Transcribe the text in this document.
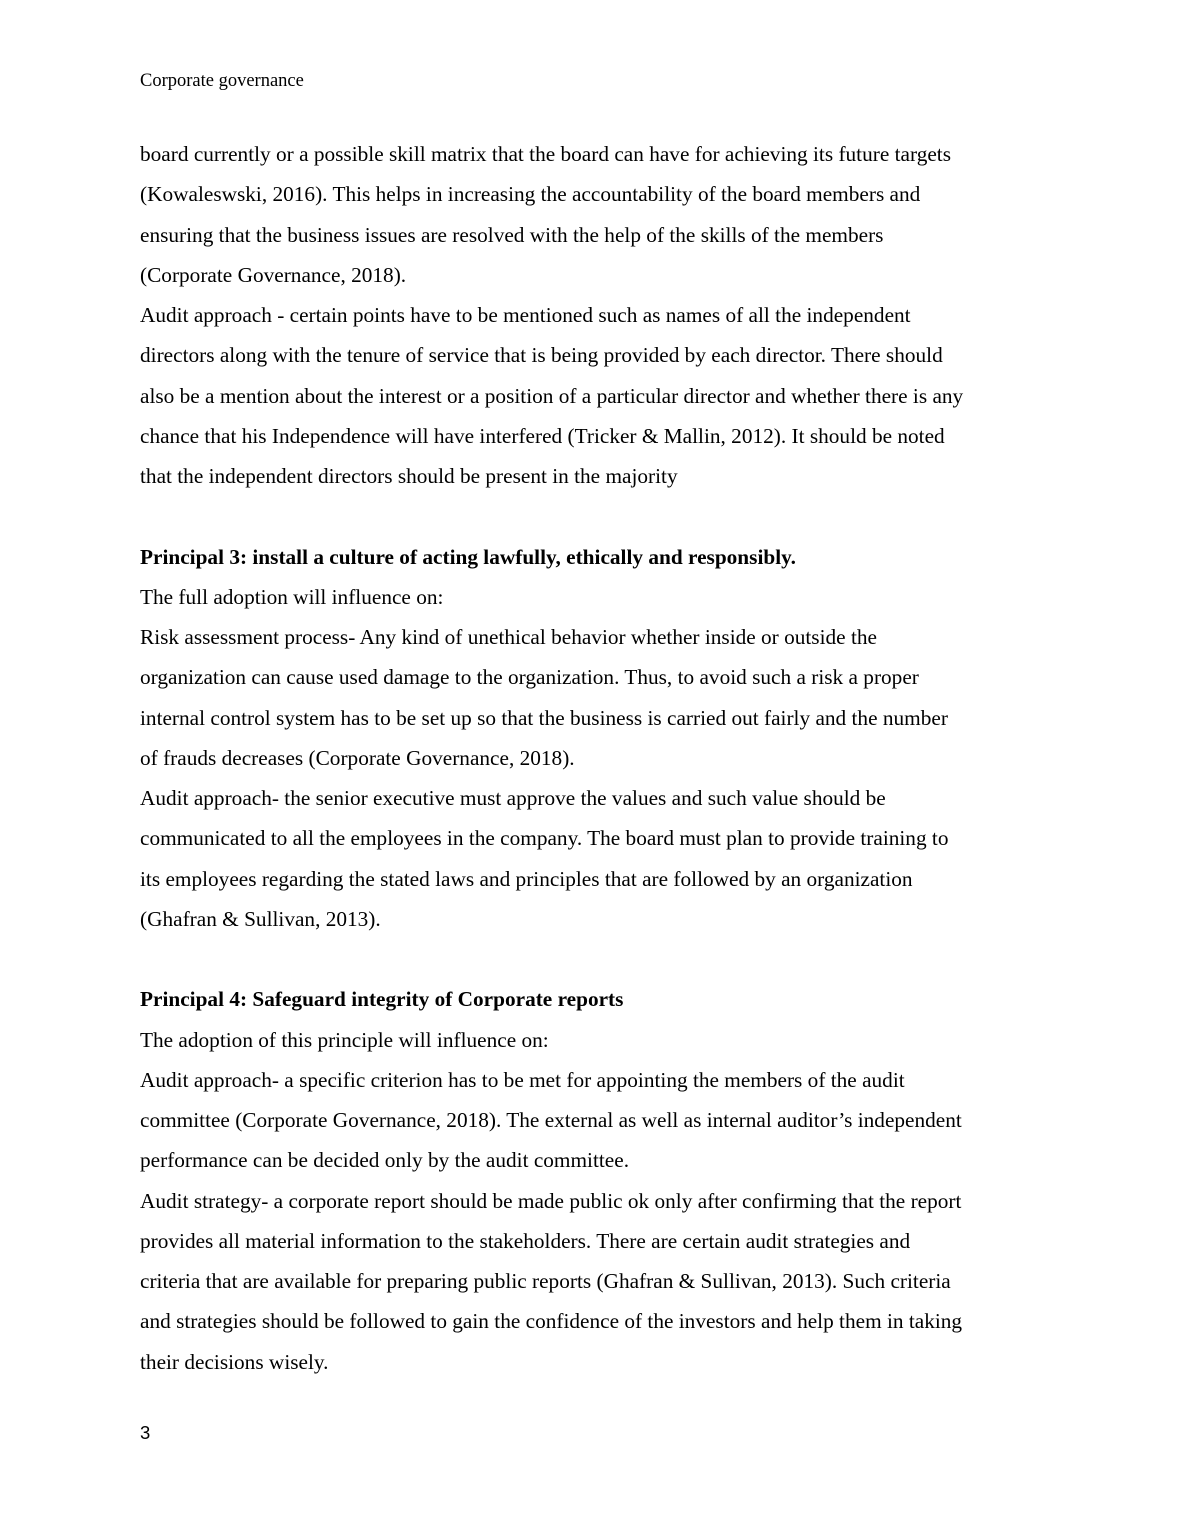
Corporate governance

board currently or a possible skill matrix that the board can have for achieving its future targets

(Kowaleswski, 2016). This helps in increasing the accountability of the board members and

ensuring that the business issues are resolved with the help of the skills of the members

(Corporate Governance, 2018).

Audit approach - certain points have to be mentioned such as names of all the independent

directors along with the tenure of service that is being provided by each director. There should

also be a mention about the interest or a position of a particular director and whether there is any

chance that his Independence will have interfered (Tricker & Mallin, 2012). It should be noted

that the independent directors should be present in the majority

Principal 3: install a culture of acting lawfully, ethically and responsibly.

The full adoption will influence on:

Risk assessment process- Any kind of unethical behavior whether inside or outside the

organization can cause used damage to the organization. Thus, to avoid such a risk a proper

internal control system has to be set up so that the business is carried out fairly and the number

of frauds decreases (Corporate Governance, 2018).

Audit approach- the senior executive must approve the values and such value should be

communicated to all the employees in the company. The board must plan to provide training to

its employees regarding the stated laws and principles that are followed by an organization

(Ghafran & Sullivan, 2013).

Principal 4: Safeguard integrity of Corporate reports

The adoption of this principle will influence on:

Audit approach- a specific criterion has to be met for appointing the members of the audit

committee (Corporate Governance, 2018). The external as well as internal auditor’s independent

performance can be decided only by the audit committee.

Audit strategy- a corporate report should be made public ok only after confirming that the report

provides all material information to the stakeholders. There are certain audit strategies and

criteria that are available for preparing public reports (Ghafran & Sullivan, 2013). Such criteria

and strategies should be followed to gain the confidence of the investors and help them in taking

their decisions wisely.

3
